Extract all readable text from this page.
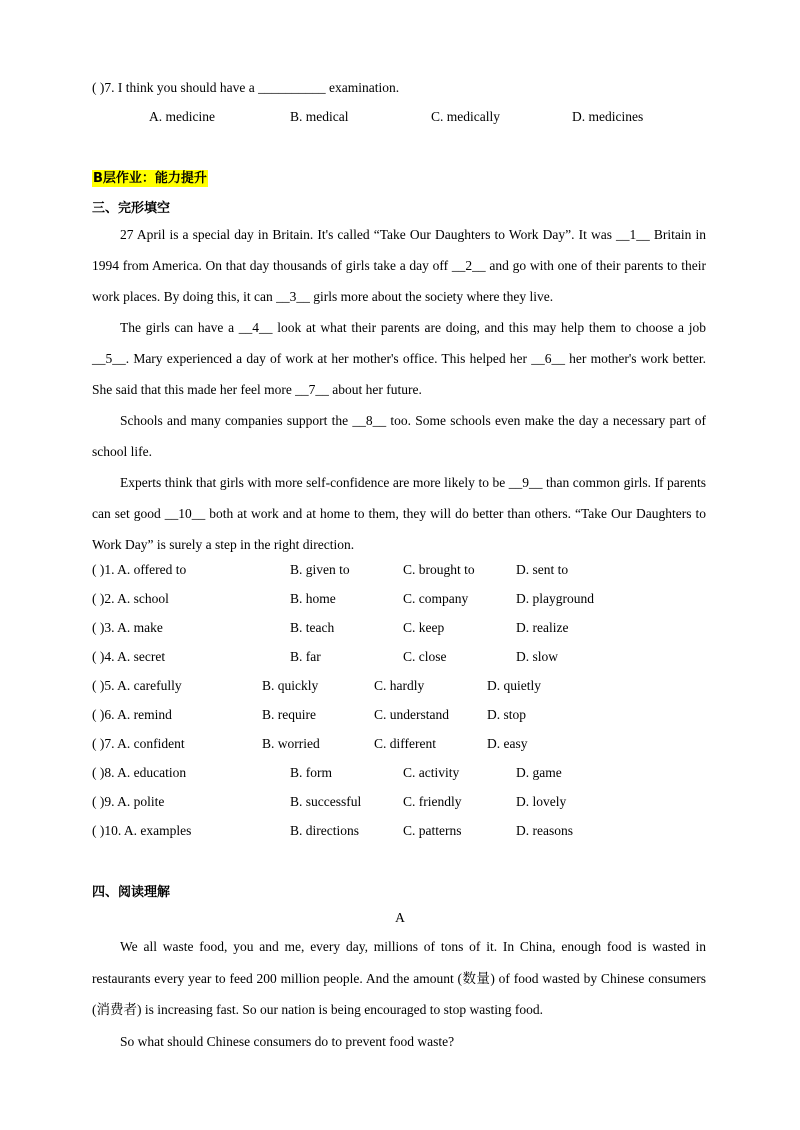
( )7. I think you should have a __________ examination.
A. medicine	B. medical	C. medically	D. medicines
B层作业：能力提升
三、完形填空

27 April is a special day in Britain. It's called “Take Our Daughters to Work Day”. It was __1__ Britain in 1994 from America. On that day thousands of girls take a day off __2__ and go with one of their parents to their work places. By doing this, it can __3__ girls more about the society where they live.

The girls can have a __4__ look at what their parents are doing, and this may help them to choose a job __5__. Mary experienced a day of work at her mother's office. This helped her __6__ her mother's work better. She said that this made her feel more __7__ about her future.

Schools and many companies support the __8__ too. Some schools even make the day a necessary part of school life.

Experts think that girls with more self-confidence are more likely to be __9__ than common girls. If parents can set good __10__ both at work and at home to them, they will do better than others. “Take Our Daughters to Work Day” is surely a step in the right direction.

( )1. A. offered to	B. given to	C. brought to	D. sent to
( )2. A. school	B. home	C. company	D. playground
( )3. A. make	B. teach	C. keep	D. realize
( )4. A. secret	B. far	C. close	D. slow
( )5. A. carefully	B. quickly	C. hardly	D. quietly
( )6. A. remind	B. require	C. understand	D. stop
( )7. A. confident	B. worried	C. different	D. easy
( )8. A. education	B. form	C. activity	D. game
( )9. A. polite	B. successful	C. friendly	D. lovely
( )10. A. examples	B. directions	C. patterns	D. reasons
四、阅读理解
A

We all waste food, you and me, every day, millions of tons of it. In China, enough food is wasted in restaurants every year to feed 200 million people. And the amount (数量) of food wasted by Chinese consumers (消费者) is increasing fast. So our nation is being encouraged to stop wasting food.

So what should Chinese consumers do to prevent food waste?
